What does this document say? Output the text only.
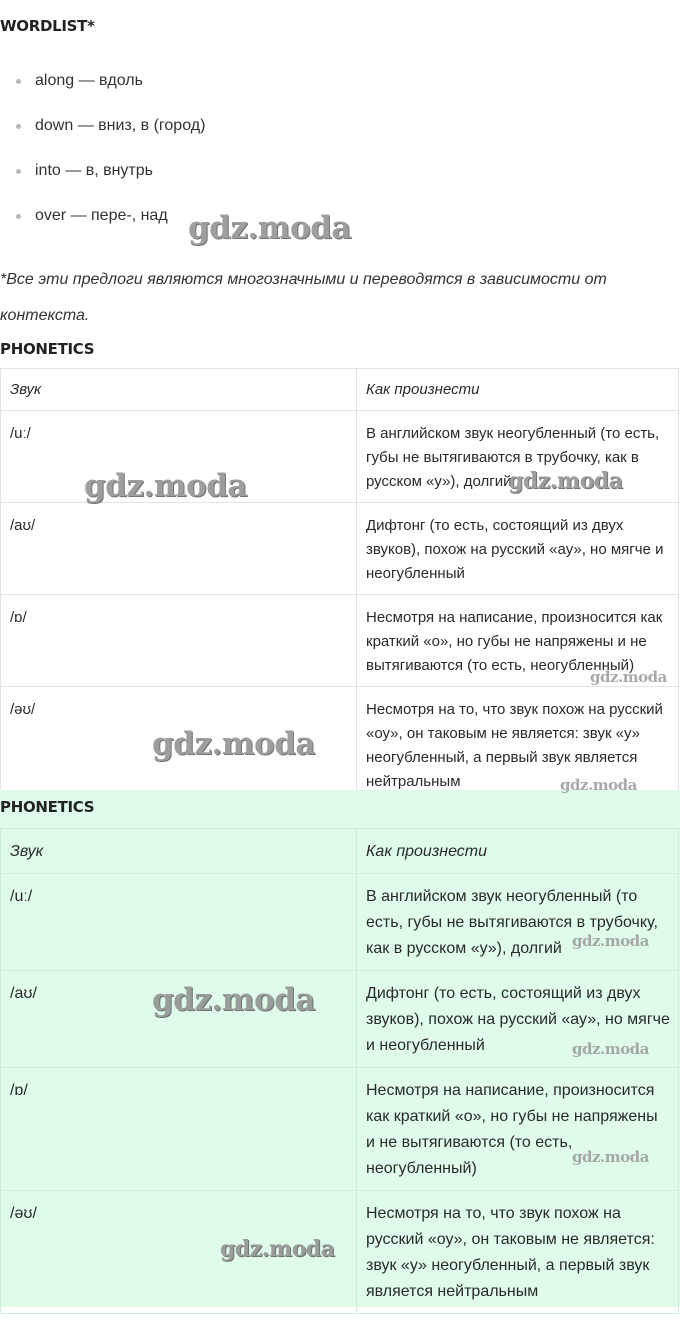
WORDLIST*
along — вдоль
down — вниз, в (город)
into — в, внутрь
over — пере-, над
*Все эти предлоги являются многозначными и переводятся в зависимости от контекста.
PHONETICS
Звук	Как произнести
/uː/	В английском звук неогубленный (то есть, губы не вытягиваются в трубочку, как в русском «у»), долгий
/aʊ/	Дифтонг (то есть, состоящий из двух звуков), похож на русский «ау», но мягче и неогубленный
/ɒ/	Несмотря на написание, произносится как краткий «о», но губы не напряжены и не вытягиваются (то есть, неогубленный)
/əʊ/	Несмотря на то, что звук похож на русский «оу», он таковым не является: звук «у» неогубленный, а первый звук является нейтральным
PHONETICS
Звук	Как произнести
/uː/	В английском звук неогубленный (то есть, губы не вытягиваются в трубочку, как в русском «у»), долгий
/aʊ/	Дифтонг (то есть, состоящий из двух звуков), похож на русский «ау», но мягче и неогубленный
/ɒ/	Несмотря на написание, произносится как краткий «о», но губы не напряжены и не вытягиваются (то есть, неогубленный)
/əʊ/	Несмотря на то, что звук похож на русский «оу», он таковым не является: звук «у» неогубленный, а первый звук является нейтральным
gdz.moda
gdz.moda	gdz.moda
gdz.moda
gdz.moda
gdz.moda
gdz.moda
gdz.moda
gdz.moda
gdz.moda
gdz.moda
